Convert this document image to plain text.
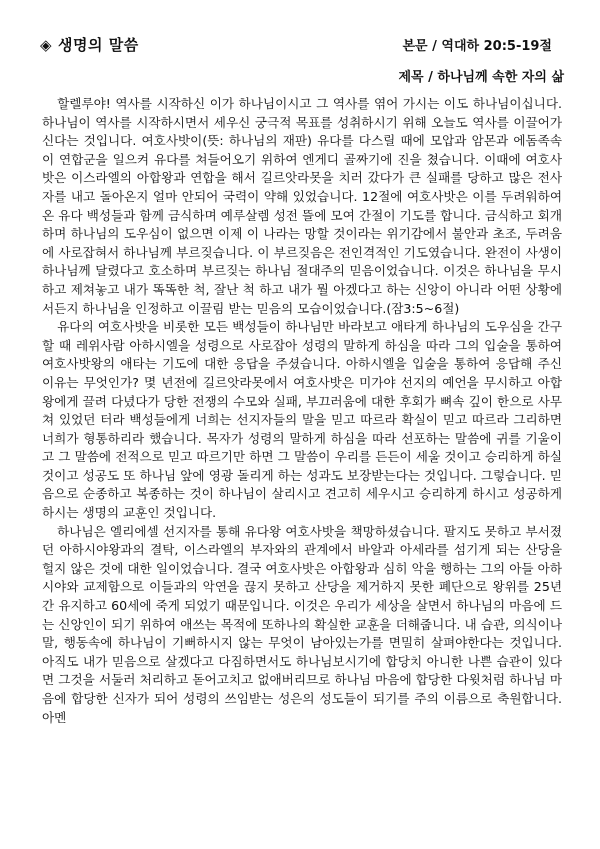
◈ 생명의 말씀	본문 / 역대하 20:5-19절
제목 / 하나님께 속한 자의 삶

할렐루야! 역사를 시작하신 이가 하나님이시고 그 역사를 엮어 가시는 이도 하나님이십니다. 하나님이 역사를 시작하시면서 세우신 궁극적 목표를 성취하시기 위해 오늘도 역사를 이끌어가신다는 것입니다. 여호사밧이(뜻: 하나님의 재판) 유다를 다스릴 때에 모압과 암몬과 에돔족속이 연합군을 일으켜 유다를 쳐들어오기 위하여 엔게디 골짜기에 진을 쳤습니다. 이때에 여호사밧은 이스라엘의 아합왕과 연합을 해서 길르앗라못을 치러 갔다가 큰 실패를 당하고 많은 전사자를 내고 돌아온지 얼마 안되어 국력이 약해 있었습니다. 12절에 여호사밧은 이를 두려워하여 온 유다 백성들과 함께 금식하며 예루살렘 성전 뜰에 모여 간절이 기도를 합니다. 금식하고 회개하며 하나님의 도우심이 없으면 이제 이 나라는 망할 것이라는 위기감에서 불안과 초조, 두려움에 사로잡혀서 하나님께 부르짖습니다. 이 부르짖음은 전인격적인 기도였습니다. 완전이 사생이 하나님께 달렸다고 호소하며 부르짖는 하나님 절대주의 믿음이었습니다. 이것은 하나님을 무시하고 제쳐놓고 내가 똑똑한 척, 잘난 척 하고 내가 뭘 아겠다고 하는 신앙이 아니라 어떤 상황에서든지 하나님을 인정하고 이끌림 받는 믿음의 모습이었습니다.(잠3:5~6절)

유다의 여호사밧을 비롯한 모든 백성들이 하나님만 바라보고 애타게 하나님의 도우심을 간구할 때 레위사람 아하시엘을 성령으로 사로잡아 성령의 말하게 하심을 따라 그의 입술을 통하여 여호사밧왕의 애타는 기도에 대한 응답을 주셨습니다. 아하시엘을 입술을 통하여 응답해 주신 이유는 무엇인가? 몇 년전에 길르앗라못에서 여호사밧은 미가야 선지의 예언을 무시하고 아합왕에게 끌려 다녔다가 당한 전쟁의 수모와 실패, 부끄러움에 대한 후회가 뼈속 깊이 한으로 사무쳐 있었던 터라 백성들에게 너희는 선지자들의 말을 믿고 따르라 확실이 믿고 따르라 그리하면 너희가 형통하리라 했습니다. 목자가 성령의 말하게 하심을 따라 선포하는 말씀에 귀를 기울이고 그 말씀에 전적으로 믿고 따르기만 하면 그 말씀이 우리를 든든이 세울 것이고 승리하게 하실 것이고 성공도 또 하나님 앞에 영광 돌리게 하는 성과도 보장받는다는 것입니다. 그렇습니다. 믿음으로 순종하고 복종하는 것이 하나님이 살리시고 견고히 세우시고 승리하게 하시고 성공하게 하시는 생명의 교훈인 것입니다.

하나님은 엘리에셀 선지자를 통해 유다왕 여호사밧을 책망하셨습니다. 팔지도 못하고 부서졌던 아하시야왕과의 결탁, 이스라엘의 부자와의 관계에서 바알과 아세라를 섬기게 되는 산당을 헐지 않은 것에 대한 일이었습니다. 결국 여호사밧은 아합왕과 심히 악을 행하는 그의 아들 아하시야와 교제함으로 이들과의 악연을 끊지 못하고 산당을 제거하지 못한 폐단으로 왕위를 25년간 유지하고 60세에 죽게 되었기 때문입니다. 이것은 우리가 세상을 살면서 하나님의 마음에 드는 신앙인이 되기 위하여 애쓰는 목적에 또하나의 확실한 교훈을 더해줍니다. 내 습관, 의식이나 말, 행동속에 하나님이 기뻐하시지 않는 무엇이 남아있는가를 면밀히 살펴야한다는 것입니다. 아직도 내가 믿음으로 살겠다고 다짐하면서도 하나님보시기에 합당치 아니한 나쁜 습관이 있다면 그것을 서둘러 처리하고 돋어고치고 없애버리므로 하나님 마음에 합당한 다윗처럼 하나님 마음에 합당한 신자가 되어 성령의 쓰임받는 성은의 성도들이 되기를 주의 이름으로 축원합니다. 아멘
